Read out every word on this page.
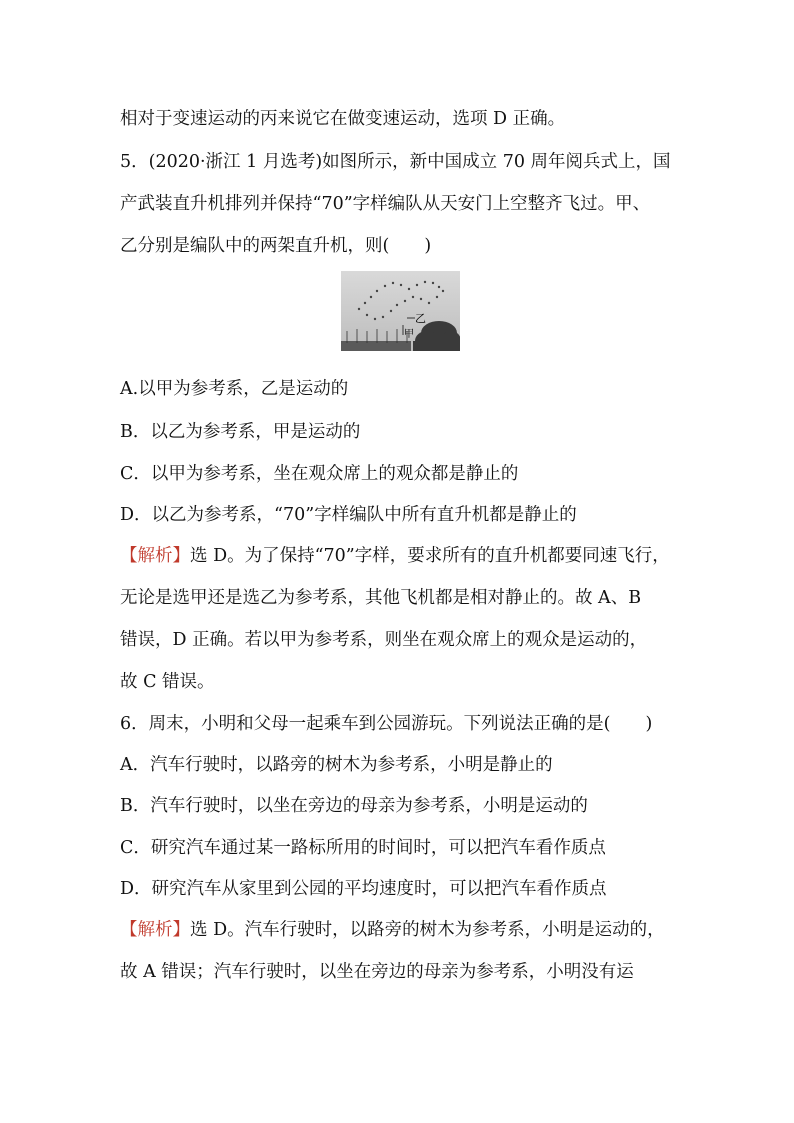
相对于变速运动的丙来说它在做变速运动，选项 D 正确。
5．(2020·浙江 1 月选考)如图所示，新中国成立 70 周年阅兵式上，国
产武装直升机排列并保持“70”字样编队从天安门上空整齐飞过。甲、
乙分别是编队中的两架直升机，则(　　)
乙
甲
A.以甲为参考系，乙是运动的
B．以乙为参考系，甲是运动的
C．以甲为参考系，坐在观众席上的观众都是静止的
D．以乙为参考系，“70”字样编队中所有直升机都是静止的
【解析】选 D。为了保持“70”字样，要求所有的直升机都要同速飞行，
无论是选甲还是选乙为参考系，其他飞机都是相对静止的。故 A、B
错误，D 正确。若以甲为参考系，则坐在观众席上的观众是运动的，
故 C 错误。
6．周末，小明和父母一起乘车到公园游玩。下列说法正确的是(　　)
A．汽车行驶时，以路旁的树木为参考系，小明是静止的
B．汽车行驶时，以坐在旁边的母亲为参考系，小明是运动的
C．研究汽车通过某一路标所用的时间时，可以把汽车看作质点
D．研究汽车从家里到公园的平均速度时，可以把汽车看作质点
【解析】选 D。汽车行驶时，以路旁的树木为参考系，小明是运动的，
故 A 错误；汽车行驶时，以坐在旁边的母亲为参考系，小明没有运
